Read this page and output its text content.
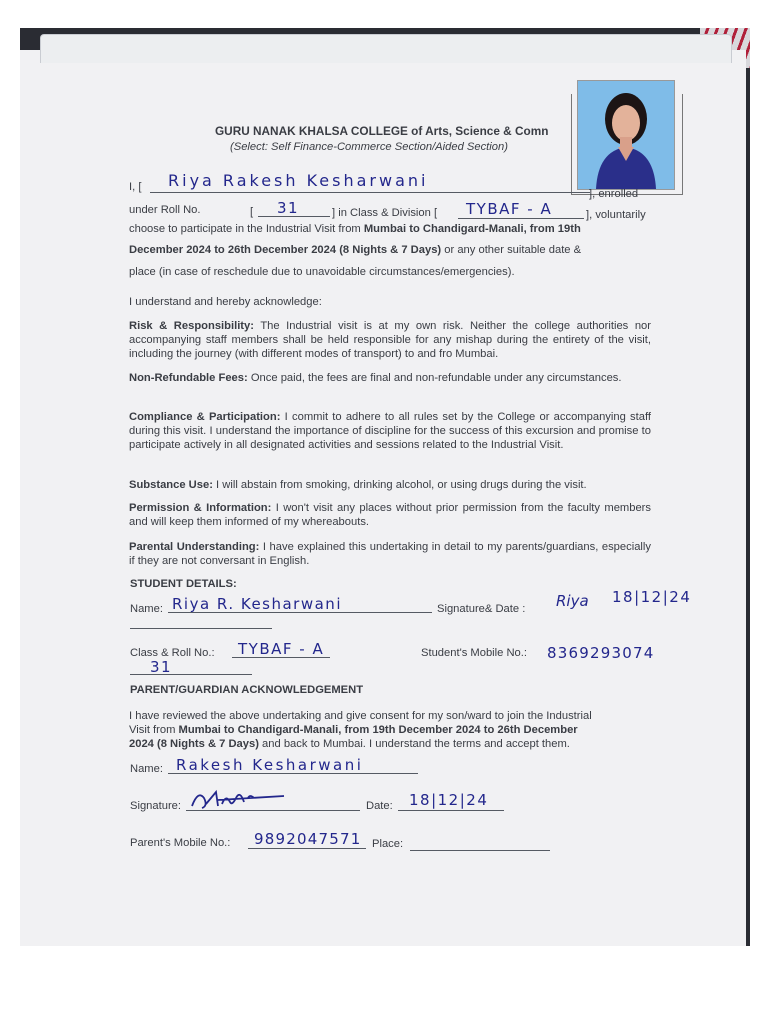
GURU NANAK KHALSA COLLEGE of Arts, Science & Comn
(Select: Self Finance-Commerce Section/Aided Section)
I, [ Riya Rakesh Kesharwani
], enrolled
under Roll No.	[ 31	] in Class & Division [ TYBAF - A	], voluntarily
choose to participate in the Industrial Visit from Mumbai to Chandigard-Manali, from 19th
December 2024 to 26th December 2024 (8 Nights & 7 Days) or any other suitable date &
place (in case of reschedule due to unavoidable circumstances/emergencies).
I understand and hereby acknowledge:
Risk & Responsibility: The Industrial visit is at my own risk. Neither the college authorities nor accompanying staff members shall be held responsible for any mishap during the entirety of the visit, including the journey (with different modes of transport) to and fro Mumbai.
Non-Refundable Fees: Once paid, the fees are final and non-refundable under any circumstances.
Compliance & Participation: I commit to adhere to all rules set by the College or accompanying staff during this visit. I understand the importance of discipline for the success of this excursion and promise to participate actively in all designated activities and sessions related to the Industrial Visit.
Substance Use: I will abstain from smoking, drinking alcohol, or using drugs during the visit.
Permission & Information: I won't visit any places without prior permission from the faculty members and will keep them informed of my whereabouts.
Parental Understanding: I have explained this undertaking in detail to my parents/guardians, especially if they are not conversant in English.
STUDENT DETAILS:
Name: Riya R. Kesharwani	Signature& Date : Riya 18|12|24
Class & Roll No.: TYBAF - A
31
Student's Mobile No.: 8369293074
PARENT/GUARDIAN ACKNOWLEDGEMENT
I have reviewed the above undertaking and give consent for my son/ward to join the Industrial
Visit from Mumbai to Chandigard-Manali, from 19th December 2024 to 26th December
2024 (8 Nights & 7 Days) and back to Mumbai. I understand the terms and accept them.
Name: Rakesh Kesharwani
Signature:	Date: 18|12|24
Parent's Mobile No.: 9892047571 Place:
